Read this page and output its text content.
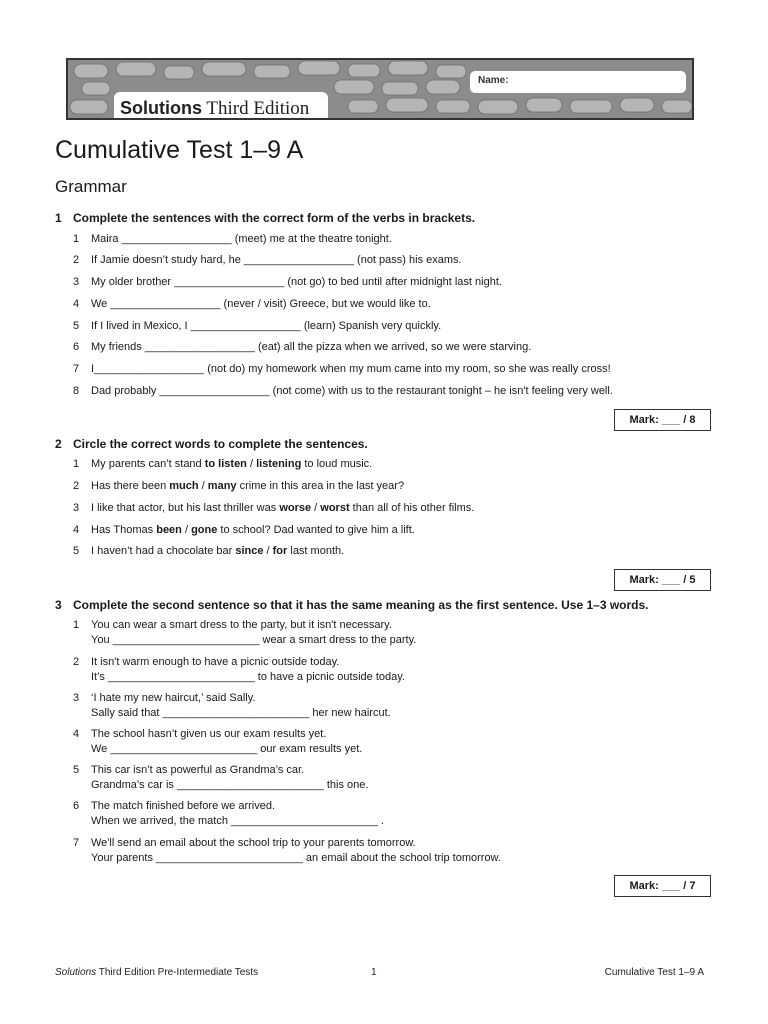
Solutions Third Edition
Name:
Cumulative Test 1–9 A
Grammar
1 Complete the sentences with the correct form of the verbs in brackets.
1 Maira __________________ (meet) me at the theatre tonight.
2 If Jamie doesn’t study hard, he __________________ (not pass) his exams.
3 My older brother __________________ (not go) to bed until after midnight last night.
4 We __________________ (never / visit) Greece, but we would like to.
5 If I lived in Mexico, I __________________ (learn) Spanish very quickly.
6 My friends __________________ (eat) all the pizza when we arrived, so we were starving.
7 I__________________ (not do) my homework when my mum came into my room, so she was really cross!
8 Dad probably __________________ (not come) with us to the restaurant tonight – he isn't feeling very well.
Mark: ___ / 8
2 Circle the correct words to complete the sentences.
1 My parents can’t stand to listen / listening to loud music.
2 Has there been much / many crime in this area in the last year?
3 I like that actor, but his last thriller was worse / worst than all of his other films.
4 Has Thomas been / gone to school? Dad wanted to give him a lift.
5 I haven’t had a chocolate bar since / for last month.
Mark: ___ / 5
3 Complete the second sentence so that it has the same meaning as the first sentence. Use 1–3 words.
1 You can wear a smart dress to the party, but it isn't necessary.
You ________________________ wear a smart dress to the party.
2 It isn't warm enough to have a picnic outside today.
It’s ________________________ to have a picnic outside today.
3 ‘I hate my new haircut,’ said Sally.
Sally said that ________________________ her new haircut.
4 The school hasn’t given us our exam results yet.
We ________________________ our exam results yet.
5 This car isn’t as powerful as Grandma’s car.
Grandma’s car is ________________________ this one.
6 The match finished before we arrived.
When we arrived, the match ________________________ .
7 We'll send an email about the school trip to your parents tomorrow.
Your parents ________________________ an email about the school trip tomorrow.
Mark: ___ / 7
Solutions Third Edition Pre-Intermediate Tests	1	Cumulative Test 1–9 A
